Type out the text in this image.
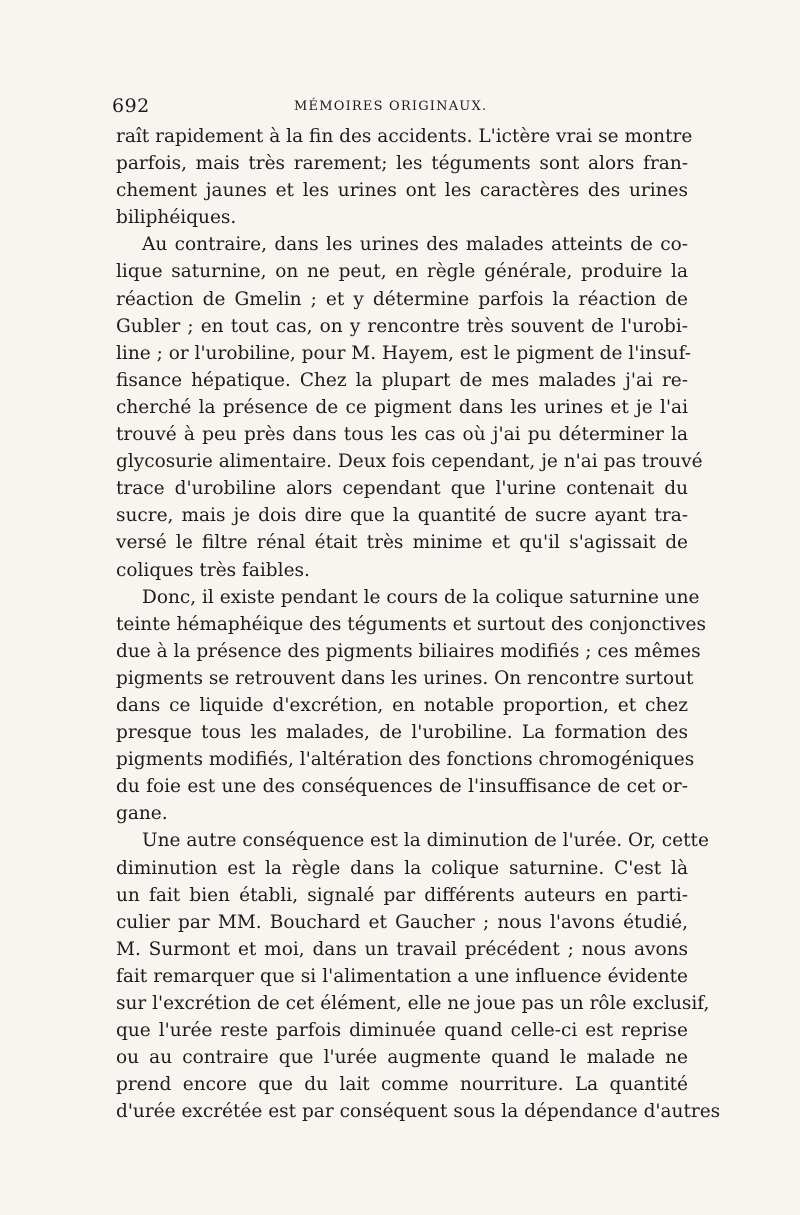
692	MÉMOIRES ORIGINAUX.
raît rapidement à la fin des accidents. L'ictère vrai se montre
parfois, mais très rarement; les téguments sont alors fran-
chement jaunes et les urines ont les caractères des urines
biliphéiques.
Au contraire, dans les urines des malades atteints de co-
lique saturnine, on ne peut, en règle générale, produire la
réaction de Gmelin ; et y détermine parfois la réaction de
Gubler ; en tout cas, on y rencontre très souvent de l'urobi-
line ; or l'urobiline, pour M. Hayem, est le pigment de l'insuf-
fisance hépatique. Chez la plupart de mes malades j'ai re-
cherché la présence de ce pigment dans les urines et je l'ai
trouvé à peu près dans tous les cas où j'ai pu déterminer la
glycosurie alimentaire. Deux fois cependant, je n'ai pas trouvé
trace d'urobiline alors cependant que l'urine contenait du
sucre, mais je dois dire que la quantité de sucre ayant tra-
versé le filtre rénal était très minime et qu'il s'agissait de
coliques très faibles.
Donc, il existe pendant le cours de la colique saturnine une
teinte hémaphéique des téguments et surtout des conjonctives
due à la présence des pigments biliaires modifiés ; ces mêmes
pigments se retrouvent dans les urines. On rencontre surtout
dans ce liquide d'excrétion, en notable proportion, et chez
presque tous les malades, de l'urobiline. La formation des
pigments modifiés, l'altération des fonctions chromogéniques
du foie est une des conséquences de l'insuffisance de cet or-
gane.
Une autre conséquence est la diminution de l'urée. Or, cette
diminution est la règle dans la colique saturnine. C'est là
un fait bien établi, signalé par différents auteurs en parti-
culier par MM. Bouchard et Gaucher ; nous l'avons étudié,
M. Surmont et moi, dans un travail précédent ; nous avons
fait remarquer que si l'alimentation a une influence évidente
sur l'excrétion de cet élément, elle ne joue pas un rôle exclusif,
que l'urée reste parfois diminuée quand celle-ci est reprise
ou au contraire que l'urée augmente quand le malade ne
prend encore que du lait comme nourriture. La quantité
d'urée excrétée est par conséquent sous la dépendance d'autres
